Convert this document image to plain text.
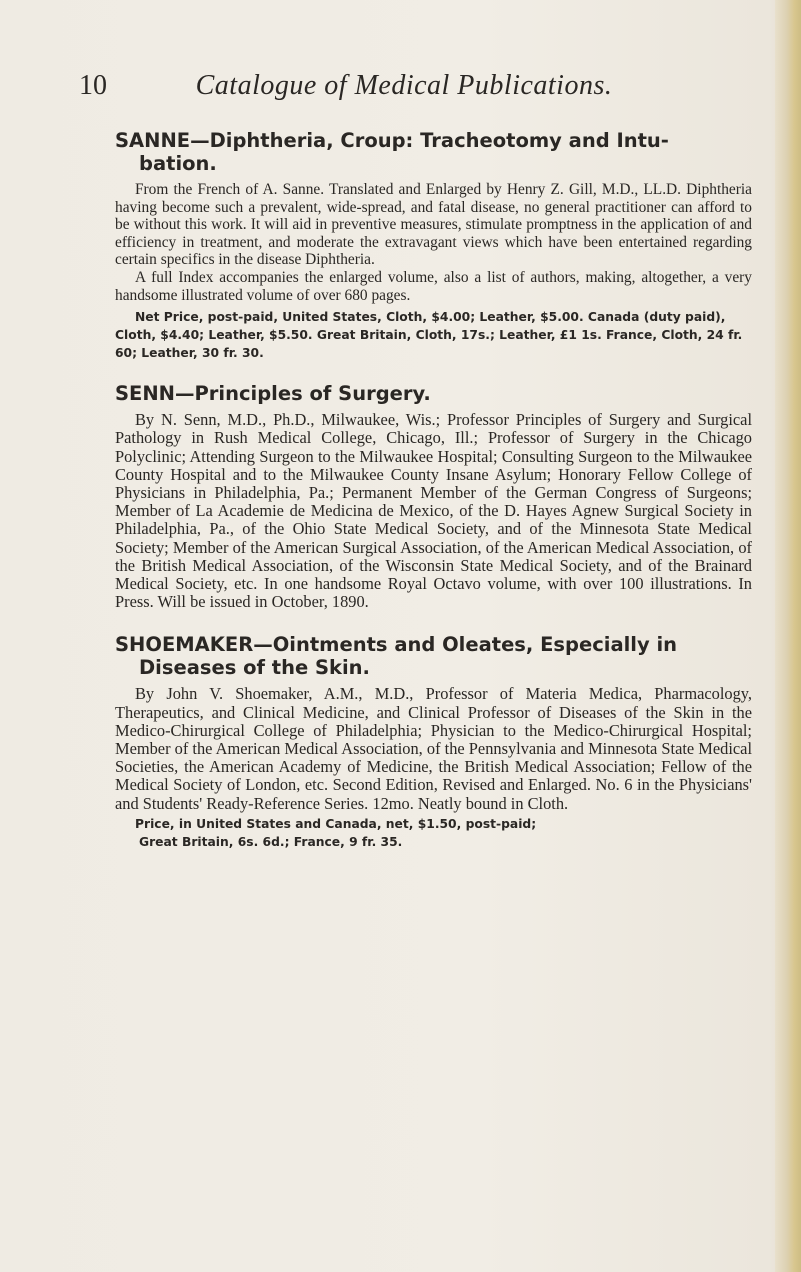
10	Catalogue of Medical Publications.
SANNE—Diphtheria, Croup: Tracheotomy and Intu-
bation.

From the French of A. Sanne. Translated and Enlarged by Henry Z. Gill, M.D., LL.D. Diphtheria having become such a prevalent, wide-spread, and fatal disease, no general practitioner can afford to be without this work. It will aid in preventive measures, stimulate promptness in the application of and efficiency in treatment, and moderate the extravagant views which have been entertained regarding certain specifics in the disease Diphtheria.

A full Index accompanies the enlarged volume, also a list of authors, making, altogether, a very handsome illustrated volume of over 680 pages.

Net Price, post-paid, United States, Cloth, $4.00; Leather, $5.00. Canada (duty paid), Cloth, $4.40; Leather, $5.50. Great Britain, Cloth, 17s.; Leather, £1 1s. France, Cloth, 24 fr. 60; Leather, 30 fr. 30.

SENN—Principles of Surgery.

By N. Senn, M.D., Ph.D., Milwaukee, Wis.; Professor Principles of Surgery and Surgical Pathology in Rush Medical College, Chicago, Ill.; Professor of Surgery in the Chicago Polyclinic; Attending Surgeon to the Milwaukee Hospital; Consulting Surgeon to the Milwaukee County Hospital and to the Milwaukee County Insane Asylum; Honorary Fellow College of Physicians in Philadelphia, Pa.; Permanent Member of the German Congress of Surgeons; Member of La Academie de Medicina de Mexico, of the D. Hayes Agnew Surgical Society in Philadelphia, Pa., of the Ohio State Medical Society, and of the Minnesota State Medical Society; Member of the American Surgical Association, of the American Medical Association, of the British Medical Association, of the Wisconsin State Medical Society, and of the Brainard Medical Society, etc. In one handsome Royal Octavo volume, with over 100 illustrations. In Press. Will be issued in October, 1890.

SHOEMAKER—Ointments and Oleates, Especially in
Diseases of the Skin.

By John V. Shoemaker, A.M., M.D., Professor of Materia Medica, Pharmacology, Therapeutics, and Clinical Medicine, and Clinical Professor of Diseases of the Skin in the Medico-Chirurgical College of Philadelphia; Physician to the Medico-Chirurgical Hospital; Member of the American Medical Association, of the Pennsylvania and Minnesota State Medical Societies, the American Academy of Medicine, the British Medical Association; Fellow of the Medical Society of London, etc. Second Edition, Revised and Enlarged. No. 6 in the Physicians' and Students' Ready-Reference Series. 12mo. Neatly bound in Cloth.

Price, in United States and Canada, net, $1.50, post-paid;
Great Britain, 6s. 6d.; France, 9 fr. 35.
